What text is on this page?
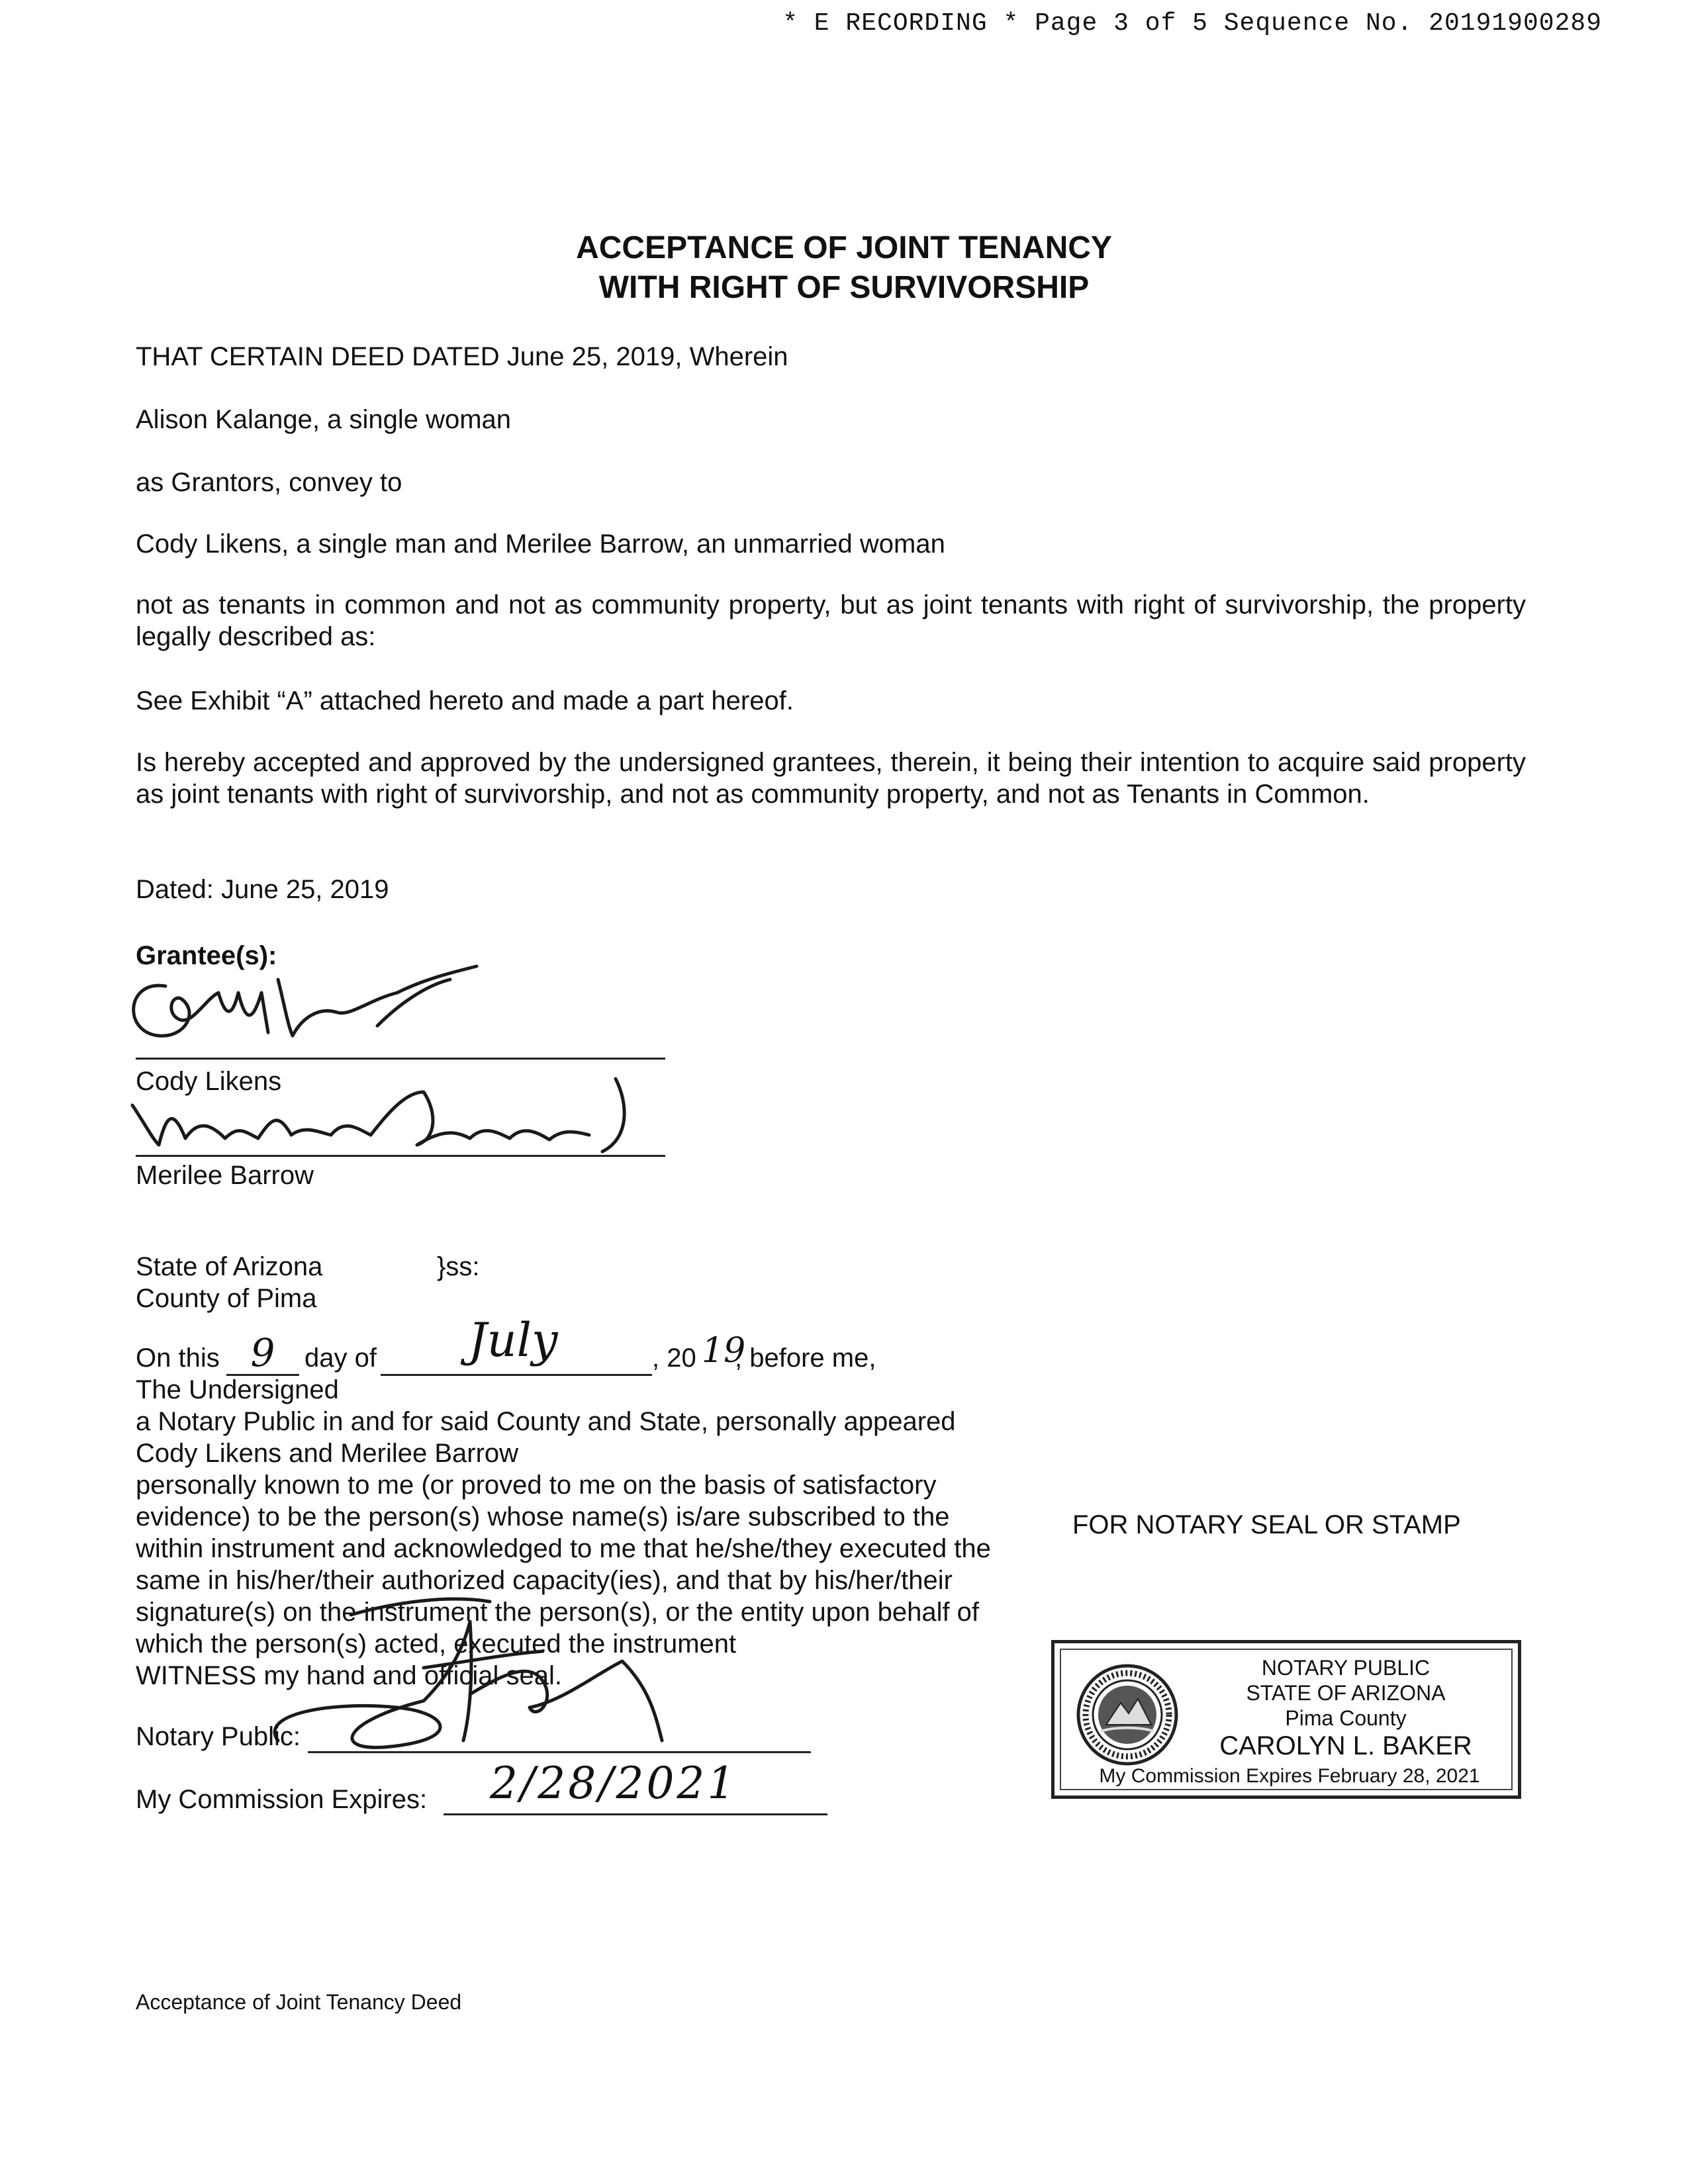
* E RECORDING * Page 3 of 5 Sequence No. 20191900289
ACCEPTANCE OF JOINT TENANCY
WITH RIGHT OF SURVIVORSHIP
THAT CERTAIN DEED DATED June 25, 2019, Wherein
Alison Kalange, a single woman
as Grantors, convey to
Cody Likens, a single man and Merilee Barrow, an unmarried woman
not as tenants in common and not as community property, but as joint tenants with right of survivorship, the property legally described as:
See Exhibit “A” attached hereto and made a part hereof.
Is hereby accepted and approved by the undersigned grantees, therein, it being their intention to acquire said property as joint tenants with right of survivorship, and not as community property, and not as Tenants in Common.
Dated: June 25, 2019
Grantee(s):
Cody Likens
Merilee Barrow
State of Arizona	}ss:
County of Pima
On this 9	day of	July	, 20 19
, before me,
The Undersigned
a Notary Public in and for said County and State, personally appeared
Cody Likens and Merilee Barrow
personally known to me (or proved to me on the basis of satisfactory
evidence) to be the person(s) whose name(s) is/are subscribed to the
within instrument and acknowledged to me that he/she/they executed the
same in his/her/their authorized capacity(ies), and that by his/her/their
signature(s) on the instrument the person(s), or the entity upon behalf of
which the person(s) acted, executed the instrument
WITNESS my hand and official seal.
Notary Public:
My Commission Expires: 2/28/2021
FOR NOTARY SEAL OR STAMP
NOTARY PUBLIC
STATE OF ARIZONA
Pima County
CAROLYN L. BAKER
My Commission Expires February 28, 2021
Acceptance of Joint Tenancy Deed
